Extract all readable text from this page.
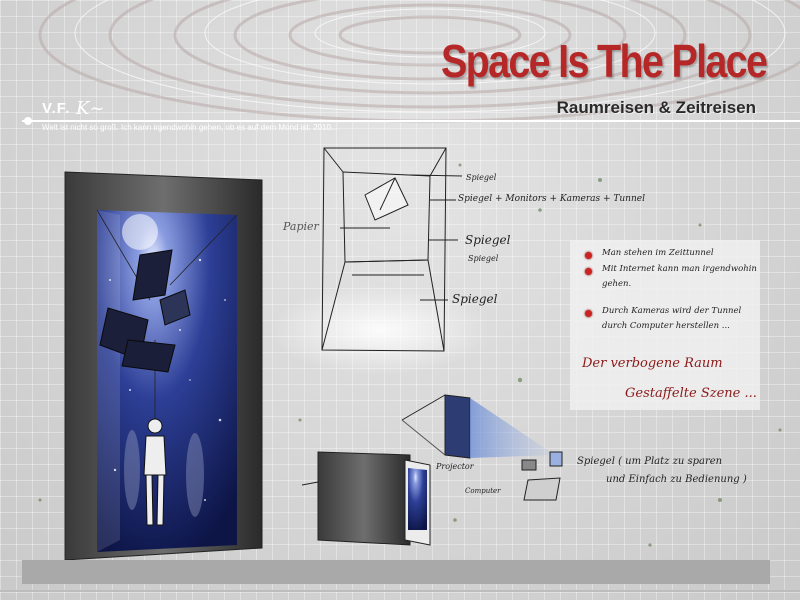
Space Is The Place
Raumreisen & Zeitreisen
V.F. K~
Welt ist nicht so groß. Ich kann irgendwohin gehen, ob es auf dem Mond ist. 2010...
Spiegel
Spiegel + Monitors + Kameras + Tunnel
Papier
Spiegel
Spiegel
Spiegel
Projector
Computer
Spiegel ( um Platz zu sparen
und Einfach zu Bedienung )
Man stehen im Zeittunnel
Mit Internet kann man irgendwohin gehen.
Durch Kameras wird der Tunnel durch Computer herstellen ...
Der verbogene Raum
Gestaffelte Szene ...
